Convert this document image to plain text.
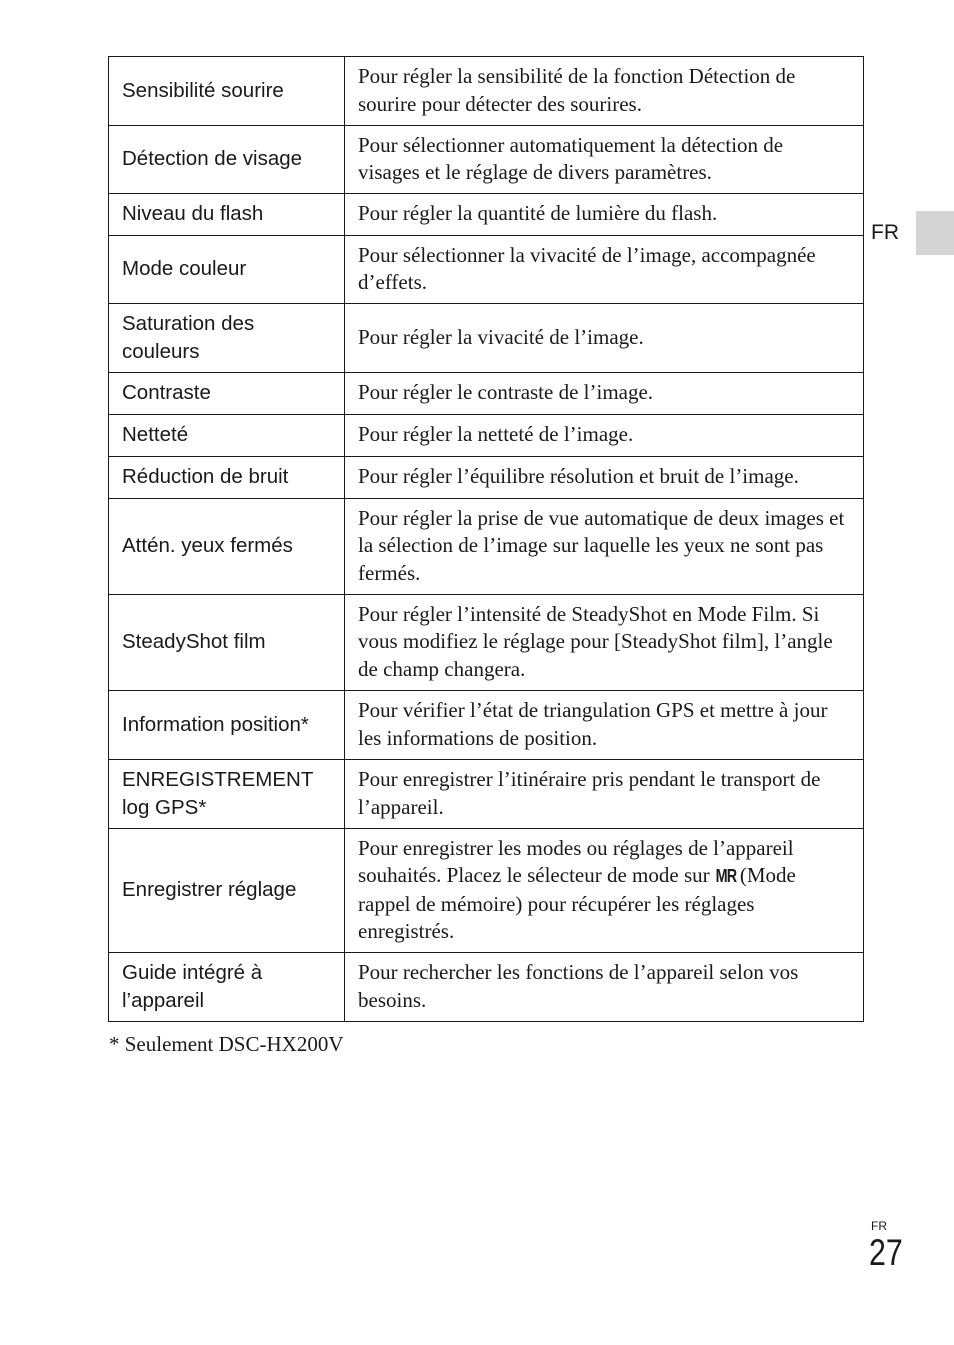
Sensibilité sourire	Pour régler la sensibilité de la fonction Détection de sourire pour détecter des sourires.
Détection de visage	Pour sélectionner automatiquement la détection de visages et le réglage de divers paramètres.
Niveau du flash	Pour régler la quantité de lumière du flash.
Mode couleur	Pour sélectionner la vivacité de l’image, accompagnée d’effets.
Saturation des couleurs	Pour régler la vivacité de l’image.
Contraste	Pour régler le contraste de l’image.
Netteté	Pour régler la netteté de l’image.
Réduction de bruit	Pour régler l’équilibre résolution et bruit de l’image.
Attén. yeux fermés	Pour régler la prise de vue automatique de deux images et la sélection de l’image sur laquelle les yeux ne sont pas fermés.
SteadyShot film	Pour régler l’intensité de SteadyShot en Mode Film. Si vous modifiez le réglage pour [SteadyShot film], l’angle de champ changera.
Information position*	Pour vérifier l’état de triangulation GPS et mettre à jour les informations de position.
ENREGISTREMENT log GPS*	Pour enregistrer l’itinéraire pris pendant le transport de l’appareil.
Enregistrer réglage	Pour enregistrer les modes ou réglages de l’appareil souhaités. Placez le sélecteur de mode sur MR (Mode rappel de mémoire) pour récupérer les réglages enregistrés.
Guide intégré à l’appareil	Pour rechercher les fonctions de l’appareil selon vos besoins.
* Seulement DSC-HX200V
FR
FR
27
